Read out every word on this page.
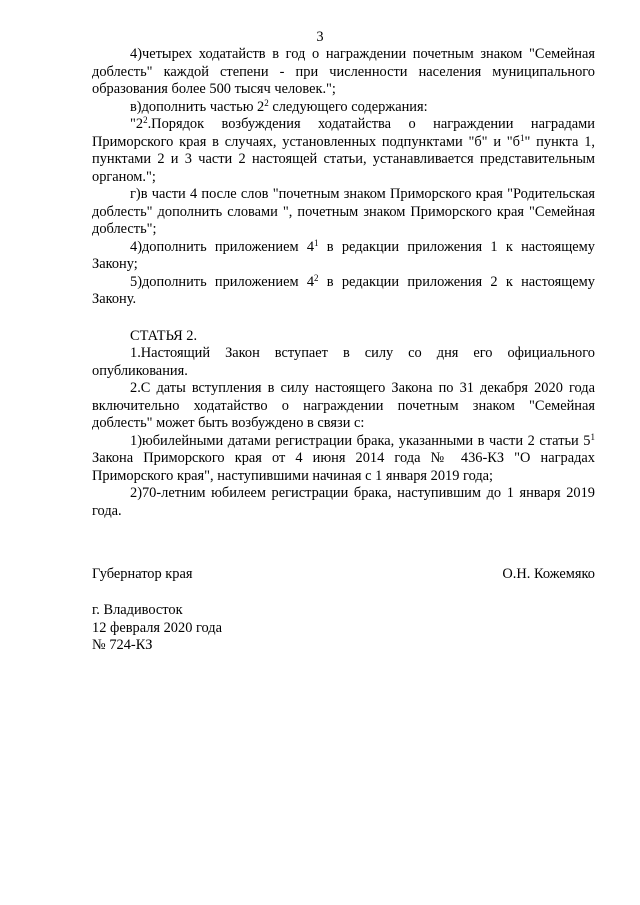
3

4)четырех ходатайств в год о награждении почетным знаком "Семейная доблесть" каждой степени - при численности населения муниципального образования более 500 тысяч человек.";

в)дополнить частью $2^2$ следующего содержания:

"$2^2.Порядок$ возбуждения ходатайства о награждении наградами Приморского края в случаях, установленных подпунктами "б" и "$б^1$" пункта 1, пунктами 2 и 3 части 2 настоящей статьи, устанавливается представительным органом.";

г)в части 4 после слов "почетным знаком Приморского края "Родительская доблесть" дополнить словами ", почетным знаком Приморского края "Семейная доблесть";

4)дополнить приложением $4^1$ в редакции приложения 1 к настоящему Закону;

5)дополнить приложением $4^2$ в редакции приложения 2 к настоящему Закону.

СТАТЬЯ 2.

1.Настоящий Закон вступает в силу со дня его официального опубликования.

2.С даты вступления в силу настоящего Закона по 31 декабря 2020 года включительно ходатайство о награждении почетным знаком "Семейная доблесть" может быть возбуждено в связи с:

1)юбилейными датами регистрации брака, указанными в части 2 статьи $5^1$ Закона Приморского края от 4 июня 2014 года № 436-КЗ "О наградах Приморского края", наступившими начиная с 1 января 2019 года;

2)70-летним юбилеем регистрации брака, наступившим до 1 января 2019 года.

Губернатор края	О.Н. Кожемяко
г. Владивосток
12 февраля 2020 года
№ 724-КЗ
